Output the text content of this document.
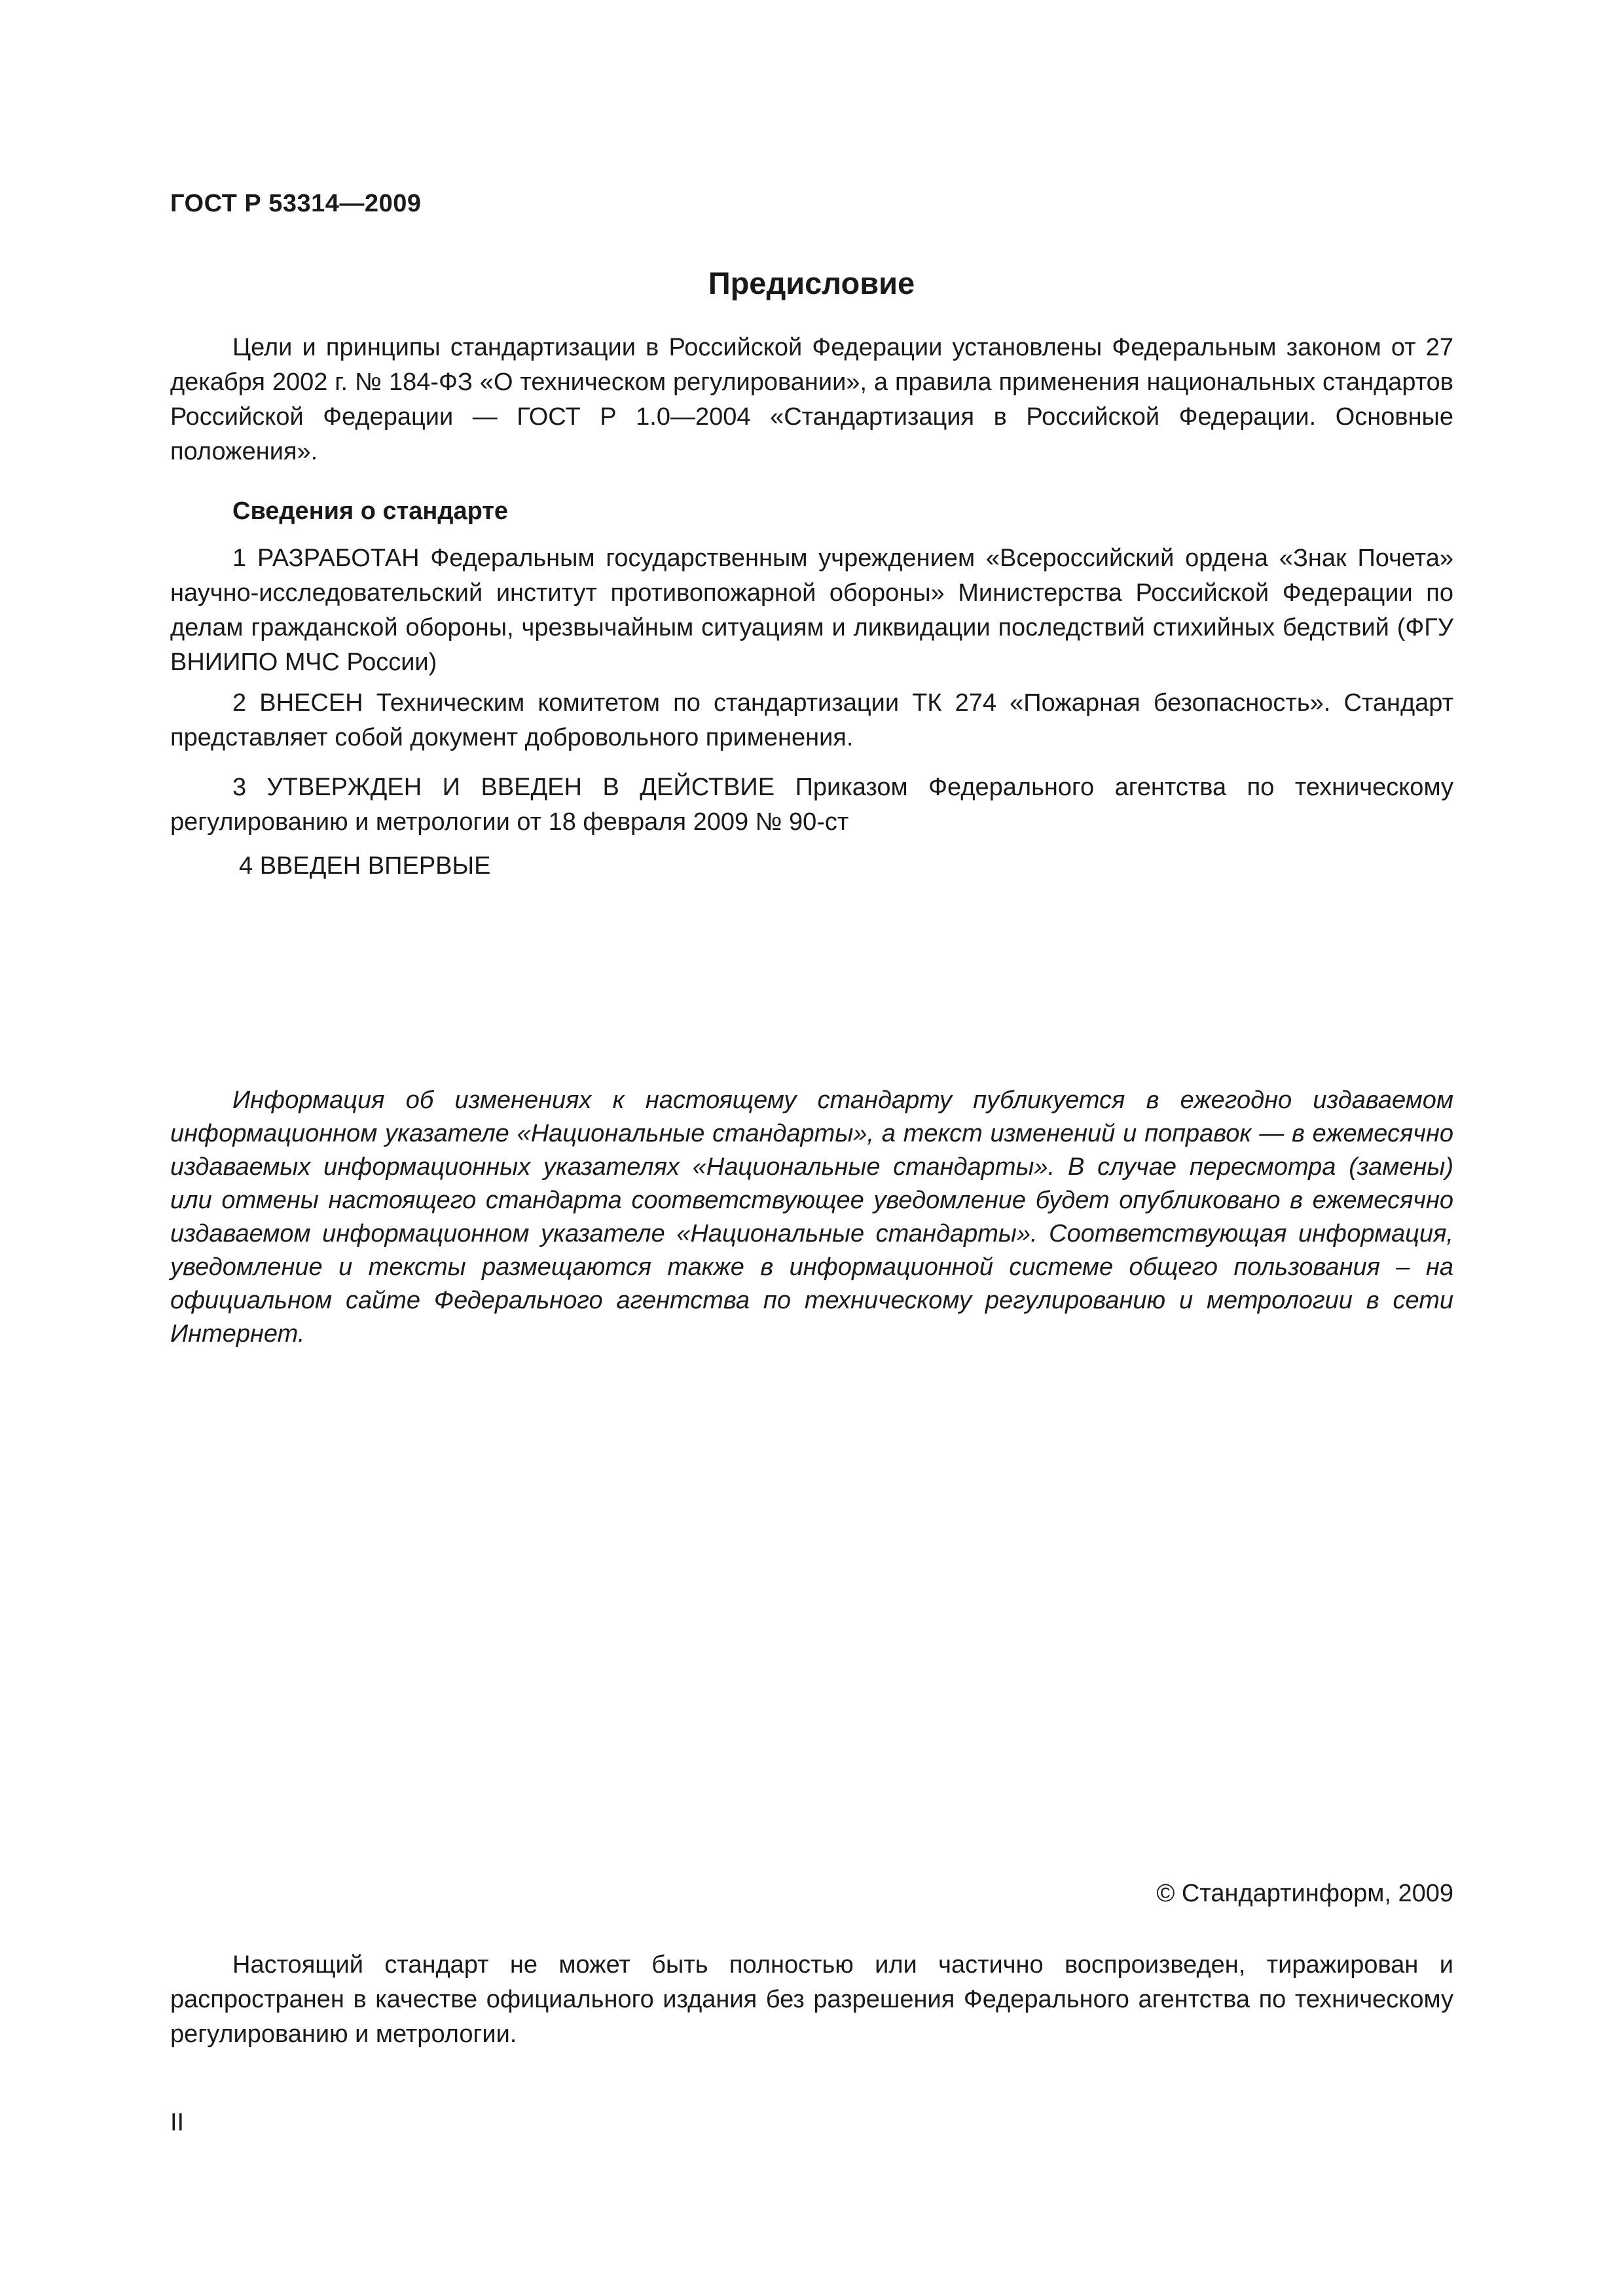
ГОСТ Р 53314—2009
Предисловие
Цели и принципы стандартизации в Российской Федерации установлены Федеральным законом от 27 декабря 2002 г. № 184-ФЗ «О техническом регулировании», а правила применения национальных стандартов Российской Федерации — ГОСТ Р 1.0—2004 «Стандартизация в Российской Федерации. Основные положения».
Сведения о стандарте
1 РАЗРАБОТАН Федеральным государственным учреждением «Всероссийский ордена «Знак Почета» научно-исследовательский институт противопожарной обороны» Министерства Российской Федерации по делам гражданской обороны, чрезвычайным ситуациям и ликвидации последствий стихийных бедствий (ФГУ ВНИИПО МЧС России)
2 ВНЕСЕН Техническим комитетом по стандартизации ТК 274 «Пожарная безопасность». Стандарт представляет собой документ добровольного применения.
3 УТВЕРЖДЕН И ВВЕДЕН В ДЕЙСТВИЕ Приказом Федерального агентства по техническому регулированию и метрологии от 18 февраля 2009 № 90-ст
4 ВВЕДЕН ВПЕРВЫЕ
Информация об изменениях к настоящему стандарту публикуется в ежегодно издаваемом информационном указателе «Национальные стандарты», а текст изменений и поправок — в ежемесячно издаваемых информационных указателях «Национальные стандарты». В случае пересмотра (замены) или отмены настоящего стандарта соответствующее уведомление будет опубликовано в ежемесячно издаваемом информационном указателе «Национальные стандарты». Соответствующая информация, уведомление и тексты размещаются также в информационной системе общего пользования – на официальном сайте Федерального агентства по техническому регулированию и метрологии в сети Интернет.
© Стандартинформ, 2009
Настоящий стандарт не может быть полностью или частично воспроизведен, тиражирован и распространен в качестве официального издания без разрешения Федерального агентства по техническому регулированию и метрологии.
II
